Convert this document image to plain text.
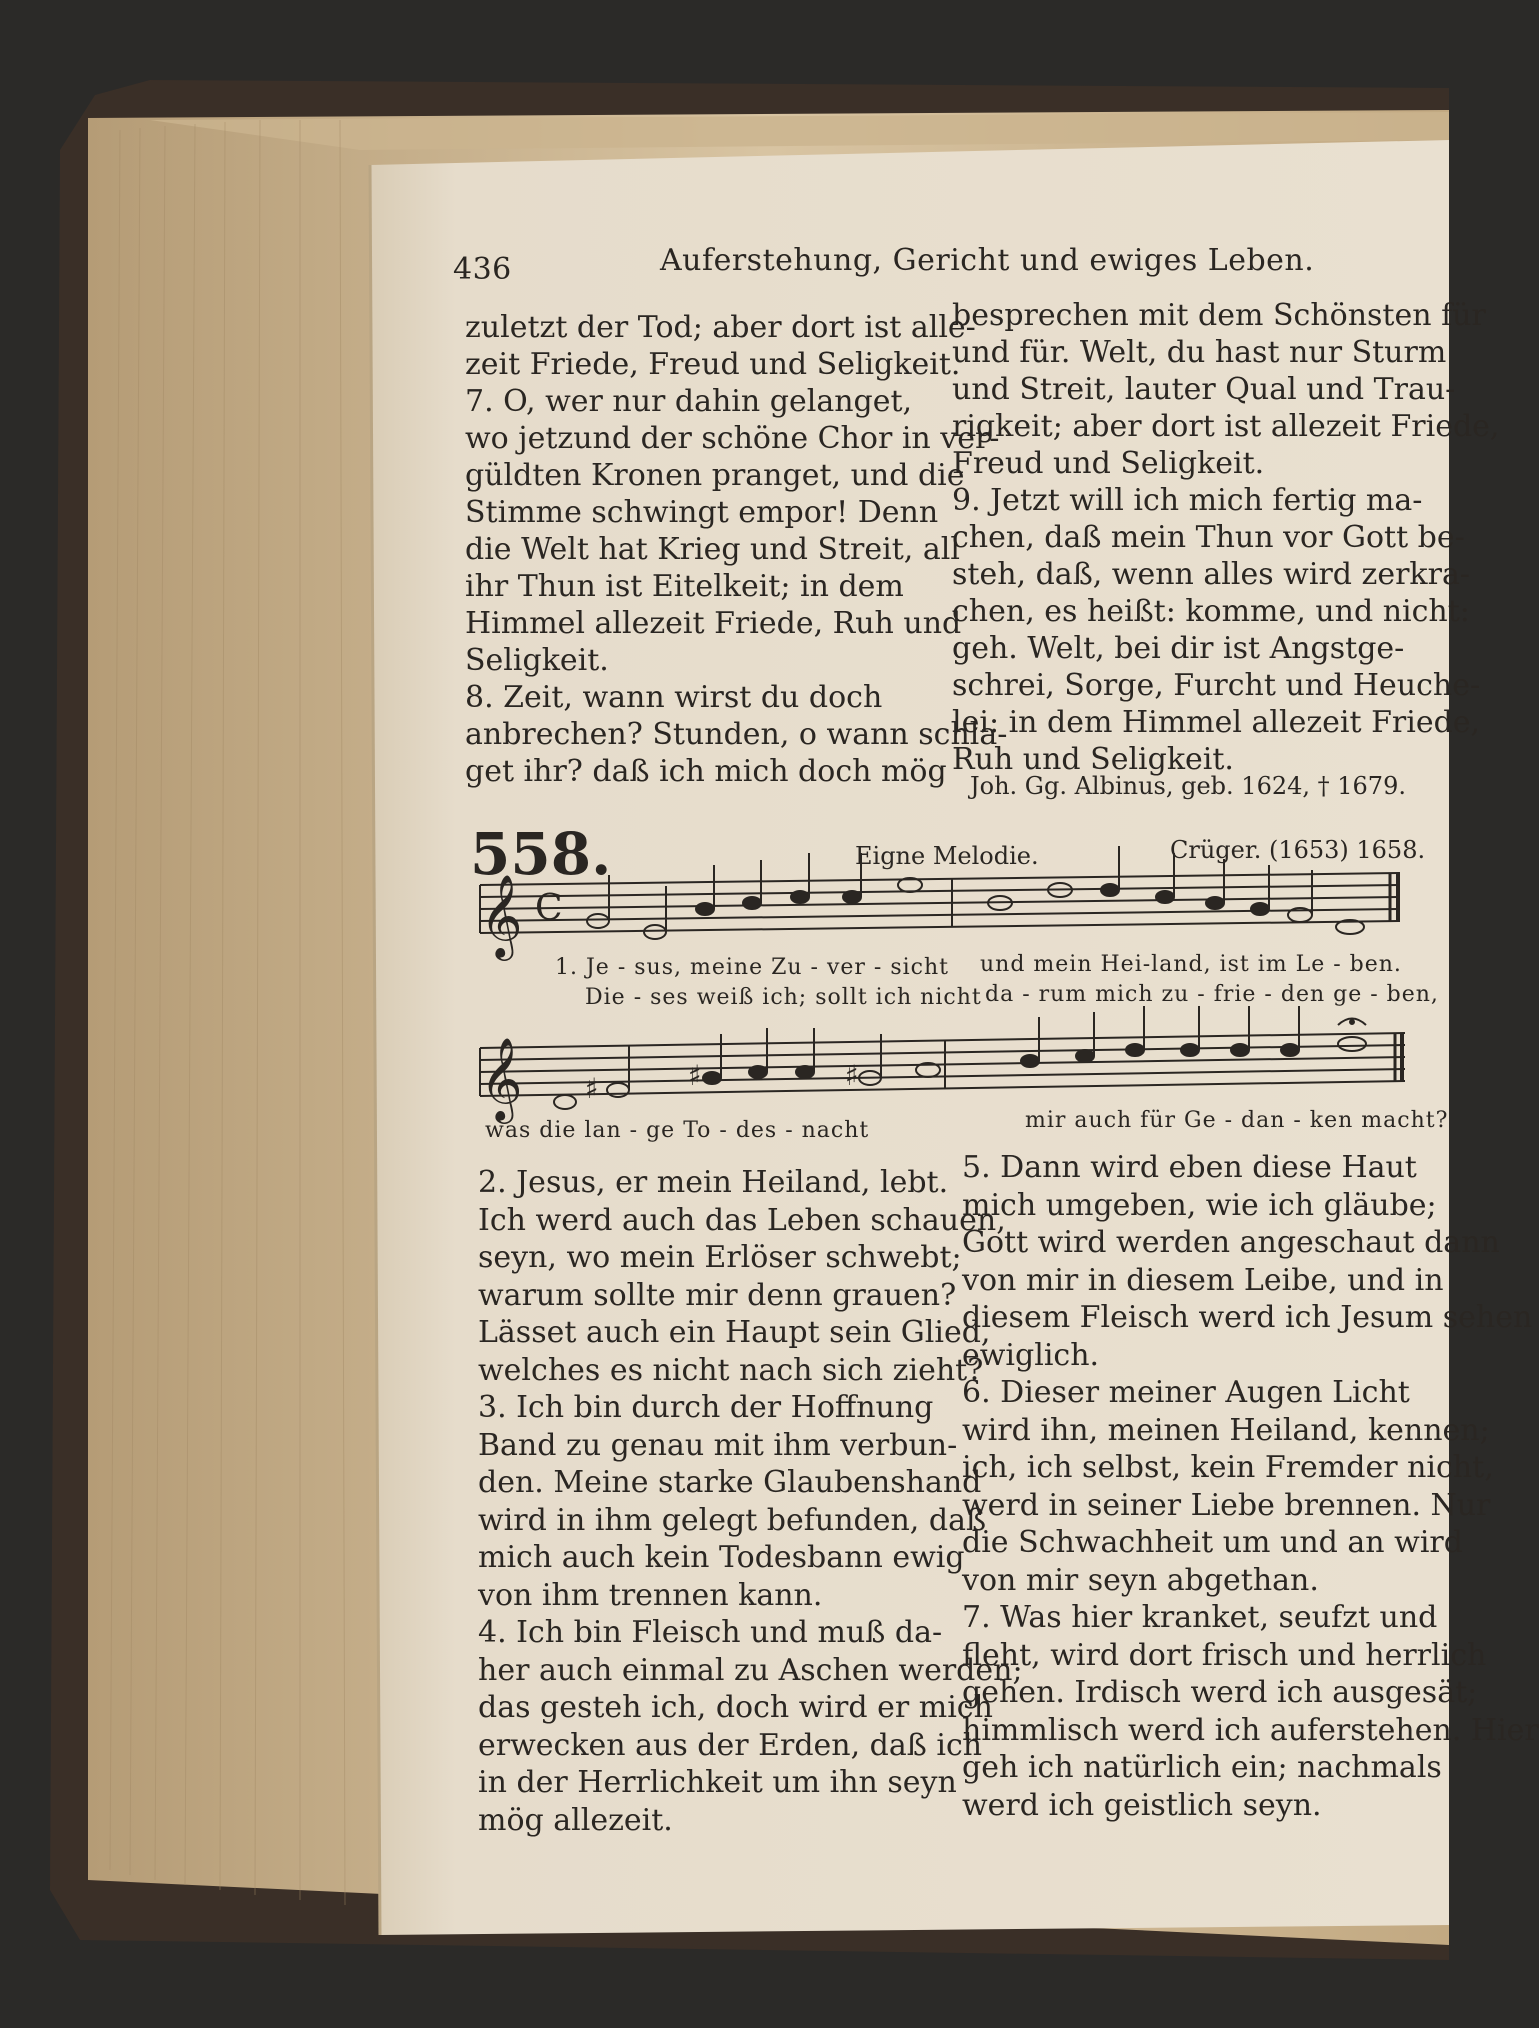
𝄞 C
𝄞 ♯	♯	♯
436	Auferstehung, Gericht und ewiges Leben.
zuletzt der Tod; aber dort ist alle-
zeit Friede, Freud und Seligkeit.
7. O, wer nur dahin gelanget,
wo jetzund der schöne Chor in ver-
güldten Kronen pranget, und die
Stimme schwingt empor! Denn
die Welt hat Krieg und Streit, all
ihr Thun ist Eitelkeit; in dem
Himmel allezeit Friede, Ruh und
Seligkeit.
8. Zeit, wann wirst du doch
anbrechen? Stunden, o wann schla-
get ihr? daß ich mich doch mög
besprechen mit dem Schönsten für
und für. Welt, du hast nur Sturm
und Streit, lauter Qual und Trau-
rigkeit; aber dort ist allezeit Friede,
Freud und Seligkeit.
9. Jetzt will ich mich fertig ma-
chen, daß mein Thun vor Gott be-
steh, daß, wenn alles wird zerkra-
chen, es heißt: komme, und nicht:
geh. Welt, bei dir ist Angstge-
schrei, Sorge, Furcht und Heuche-
lei: in dem Himmel allezeit Friede,
Ruh und Seligkeit.
Joh. Gg. Albinus, geb. 1624, † 1679.
558.	Eigne Melodie.	Crüger. (1653) 1658.
1. Je - sus, meine Zu - ver - sicht und mein Hei-land, ist im Le - ben.
Die - ses weiß ich; sollt ich nicht da - rum mich zu - frie - den ge - ben,
was die lan - ge To - des - nacht	mir auch für Ge - dan - ken macht?
2. Jesus, er mein Heiland, lebt.
Ich werd auch das Leben schauen,
seyn, wo mein Erlöser schwebt;
warum sollte mir denn grauen?
Lässet auch ein Haupt sein Glied,
welches es nicht nach sich zieht?
3. Ich bin durch der Hoffnung
Band zu genau mit ihm verbun-
den. Meine starke Glaubenshand
wird in ihm gelegt befunden, daß
mich auch kein Todesbann ewig
von ihm trennen kann.
4. Ich bin Fleisch und muß da-
her auch einmal zu Aschen werden;
das gesteh ich, doch wird er mich
erwecken aus der Erden, daß ich
in der Herrlichkeit um ihn seyn
mög allezeit.
5. Dann wird eben diese Haut
mich umgeben, wie ich gläube;
Gott wird werden angeschaut dann
von mir in diesem Leibe, und in
diesem Fleisch werd ich Jesum sehen
ewiglich.
6. Dieser meiner Augen Licht
wird ihn, meinen Heiland, kennen;
ich, ich selbst, kein Fremder nicht,
werd in seiner Liebe brennen. Nur
die Schwachheit um und an wird
von mir seyn abgethan.
7. Was hier kranket, seufzt und
fleht, wird dort frisch und herrlich
gehen. Irdisch werd ich ausgesät;
himmlisch werd ich auferstehen. Hier
geh ich natürlich ein; nachmals
werd ich geistlich seyn.
